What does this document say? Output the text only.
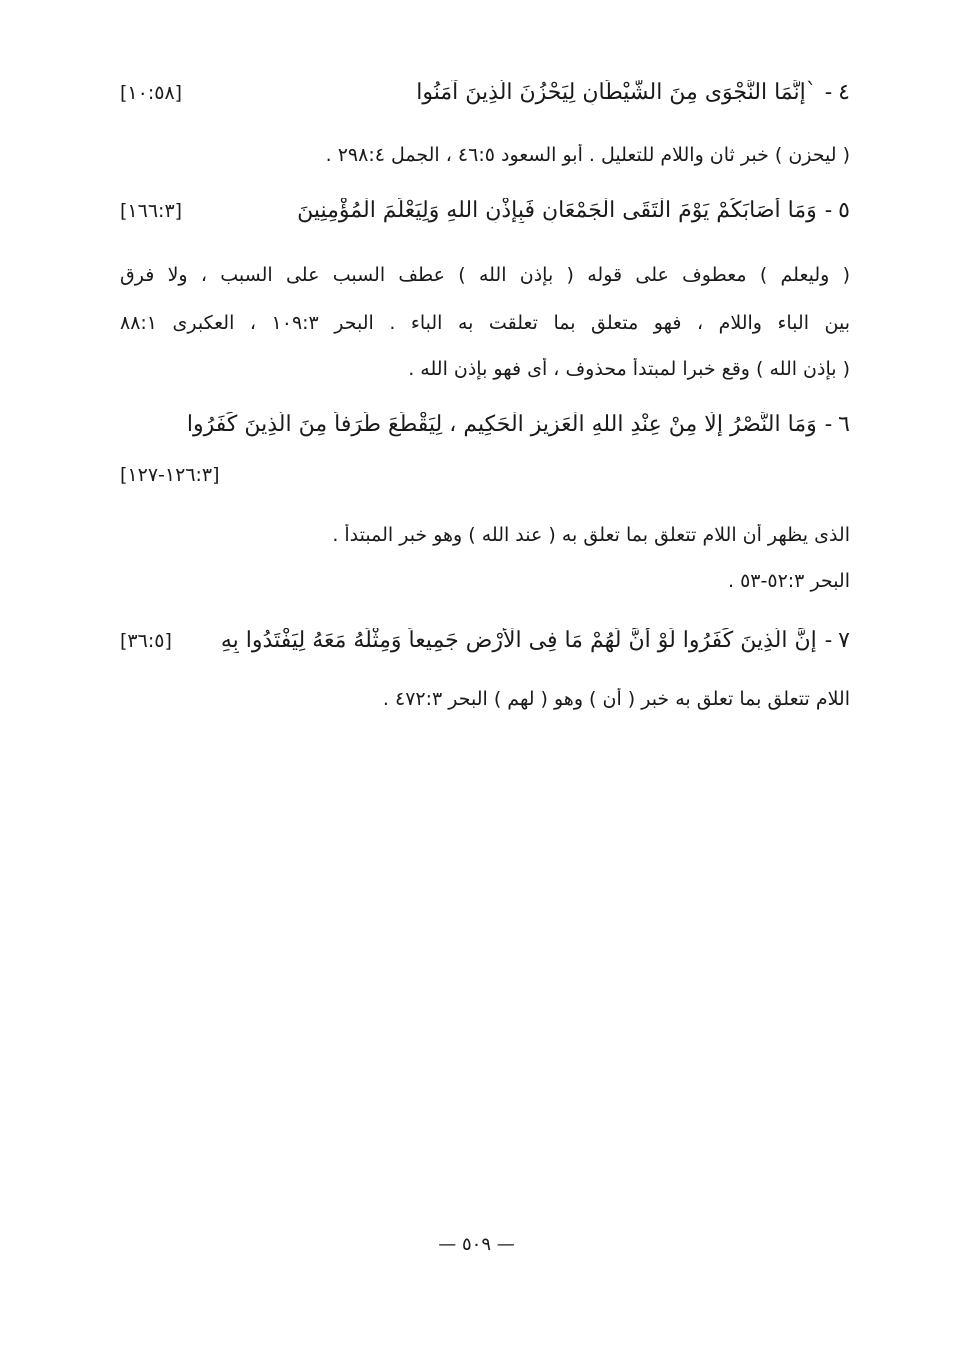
٤
-
`إِنَّمَا النَّجْوَى مِنَ الشَّيْطَانِ لِيَحْزُنَ الَّذِينَ آمَنُوا
[١٠:٥٨]
( ليحزن ) خبر ثان واللام للتعليل . أبو السعود ٤٦:٥ ، الجمل ٢٩٨:٤ .
٥
-
وَمَا أَصَابَكُمْ يَوْمَ الْتَقَى الْجَمْعَانِ فَبِإِذْنِ اللهِ وَلِيَعْلَمَ الْمُؤْمِنِينَ
[١٦٦:٣]
( وليعلم ) معطوف على قوله ( بإذن الله ) عطف السبب على السبب ، ولا فرق
بين الباء واللام ، فهو متعلق بما تعلقت به الباء . البحر ١٠٩:٣ ، العكبرى ٨٨:١
( بإذن الله ) وقع خبرا لمبتدأ محذوف ، أى فهو بإذن الله .
٦
-
وَمَا النَّصْرُ إِلَّا مِنْ عِنْدِ اللهِ الْعَزِيزِ الْحَكِيمِ ، لِيَقْطَعَ طَرَفاً مِنَ الَّذِينَ كَفَرُوا
[١٢٦:٣-١٢٧]
الذى يظهر أن اللام تتعلق بما تعلق به ( عند الله ) وهو خبر المبتدأ .
البحر ٥٢:٣-٥٣ .
٧
-
إِنَّ الَّذِينَ كَفَرُوا لَوْ أَنَّ لَهُمْ مَا فِى الْأَرْضِ جَمِيعاً وَمِثْلَهُ مَعَهُ لِيَفْتَدُوا بِهِ
[٣٦:٥]
اللام تتعلق بما تعلق به خبر ( أن ) وهو ( لهم ) البحر ٤٧٢:٣ .
— ٥٠٩ —
